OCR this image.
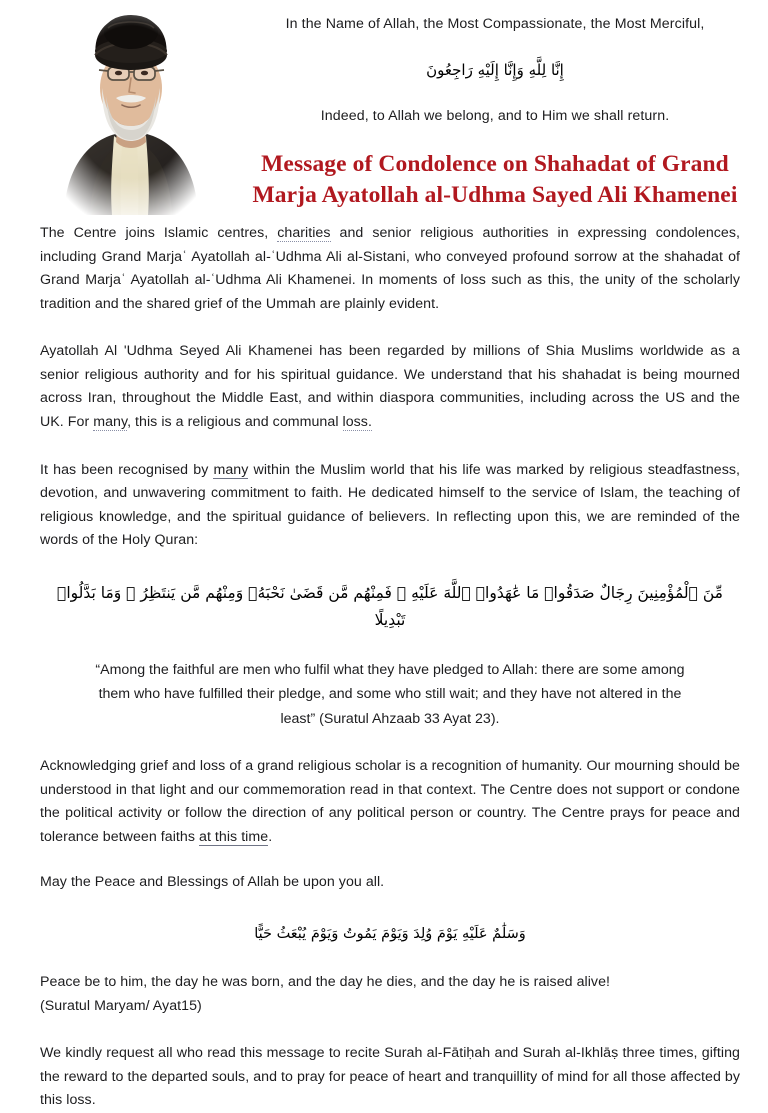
In the Name of Allah, the Most Compassionate, the Most Merciful,
إِنَّا لِلَّهِ وَإِنَّا إِلَيْهِ رَاجِعُونَ
Indeed, to Allah we belong, and to Him we shall return.
Message of Condolence on Shahadat of Grand
Marja Ayatollah al-Udhma Sayed Ali Khamenei

The Centre joins Islamic centres, charities and senior religious authorities in expressing condolences, including Grand Marjaʿ Ayatollah al-ʿUdhma Ali al-Sistani, who conveyed profound sorrow at the shahadat of Grand Marjaʿ Ayatollah al-ʿUdhma Ali Khamenei. In moments of loss such as this, the unity of the scholarly tradition and the shared grief of the Ummah are plainly evident.

Ayatollah Al 'Udhma Seyed Ali Khamenei has been regarded by millions of Shia Muslims worldwide as a senior religious authority and for his spiritual guidance. We understand that his shahadat is being mourned across Iran, throughout the Middle East, and within diaspora communities, including across the US and the UK. For many, this is a religious and communal loss.

It has been recognised by many within the Muslim world that his life was marked by religious steadfastness, devotion, and unwavering commitment to faith. He dedicated himself to the service of Islam, the teaching of religious knowledge, and the spiritual guidance of believers. In reflecting upon this, we are reminded of the words of the Holy Quran:

مِّنَ ٱلْمُؤْمِنِينَ رِجَالٌ صَدَقُوا۟ مَا عَٰهَدُوا۟ ٱللَّهَ عَلَيْهِ ۖ فَمِنْهُم مَّن قَضَىٰ نَحْبَهُۥ وَمِنْهُم مَّن يَنتَظِرُ ۖ وَمَا بَدَّلُوا۟ تَبْدِيلًا
“Among the faithful are men who fulfil what they have pledged to Allah: there are some among them who have fulfilled their pledge, and some who still wait; and they have not altered in the least” (Suratul Ahzaab 33 Ayat 23).

Acknowledging grief and loss of a grand religious scholar is a recognition of humanity. Our mourning should be understood in that light and our commemoration read in that context. The Centre does not support or condone the political activity or follow the direction of any political person or country. The Centre prays for peace and tolerance between faiths at this time.

May the Peace and Blessings of Allah be upon you all.

وَسَلَٰمٌ عَلَيْهِ يَوْمَ وُلِدَ وَيَوْمَ يَمُوتُ وَيَوْمَ يُبْعَثُ حَيًّا

Peace be to him, the day he was born, and the day he dies, and the day he is raised alive!
(Suratul Maryam/ Ayat15)

We kindly request all who read this message to recite Surah al-Fātiḥah and Surah al-Ikhlāṣ three times, gifting the reward to the departed souls, and to pray for peace of heart and tranquillity of mind for all those affected by this loss.
